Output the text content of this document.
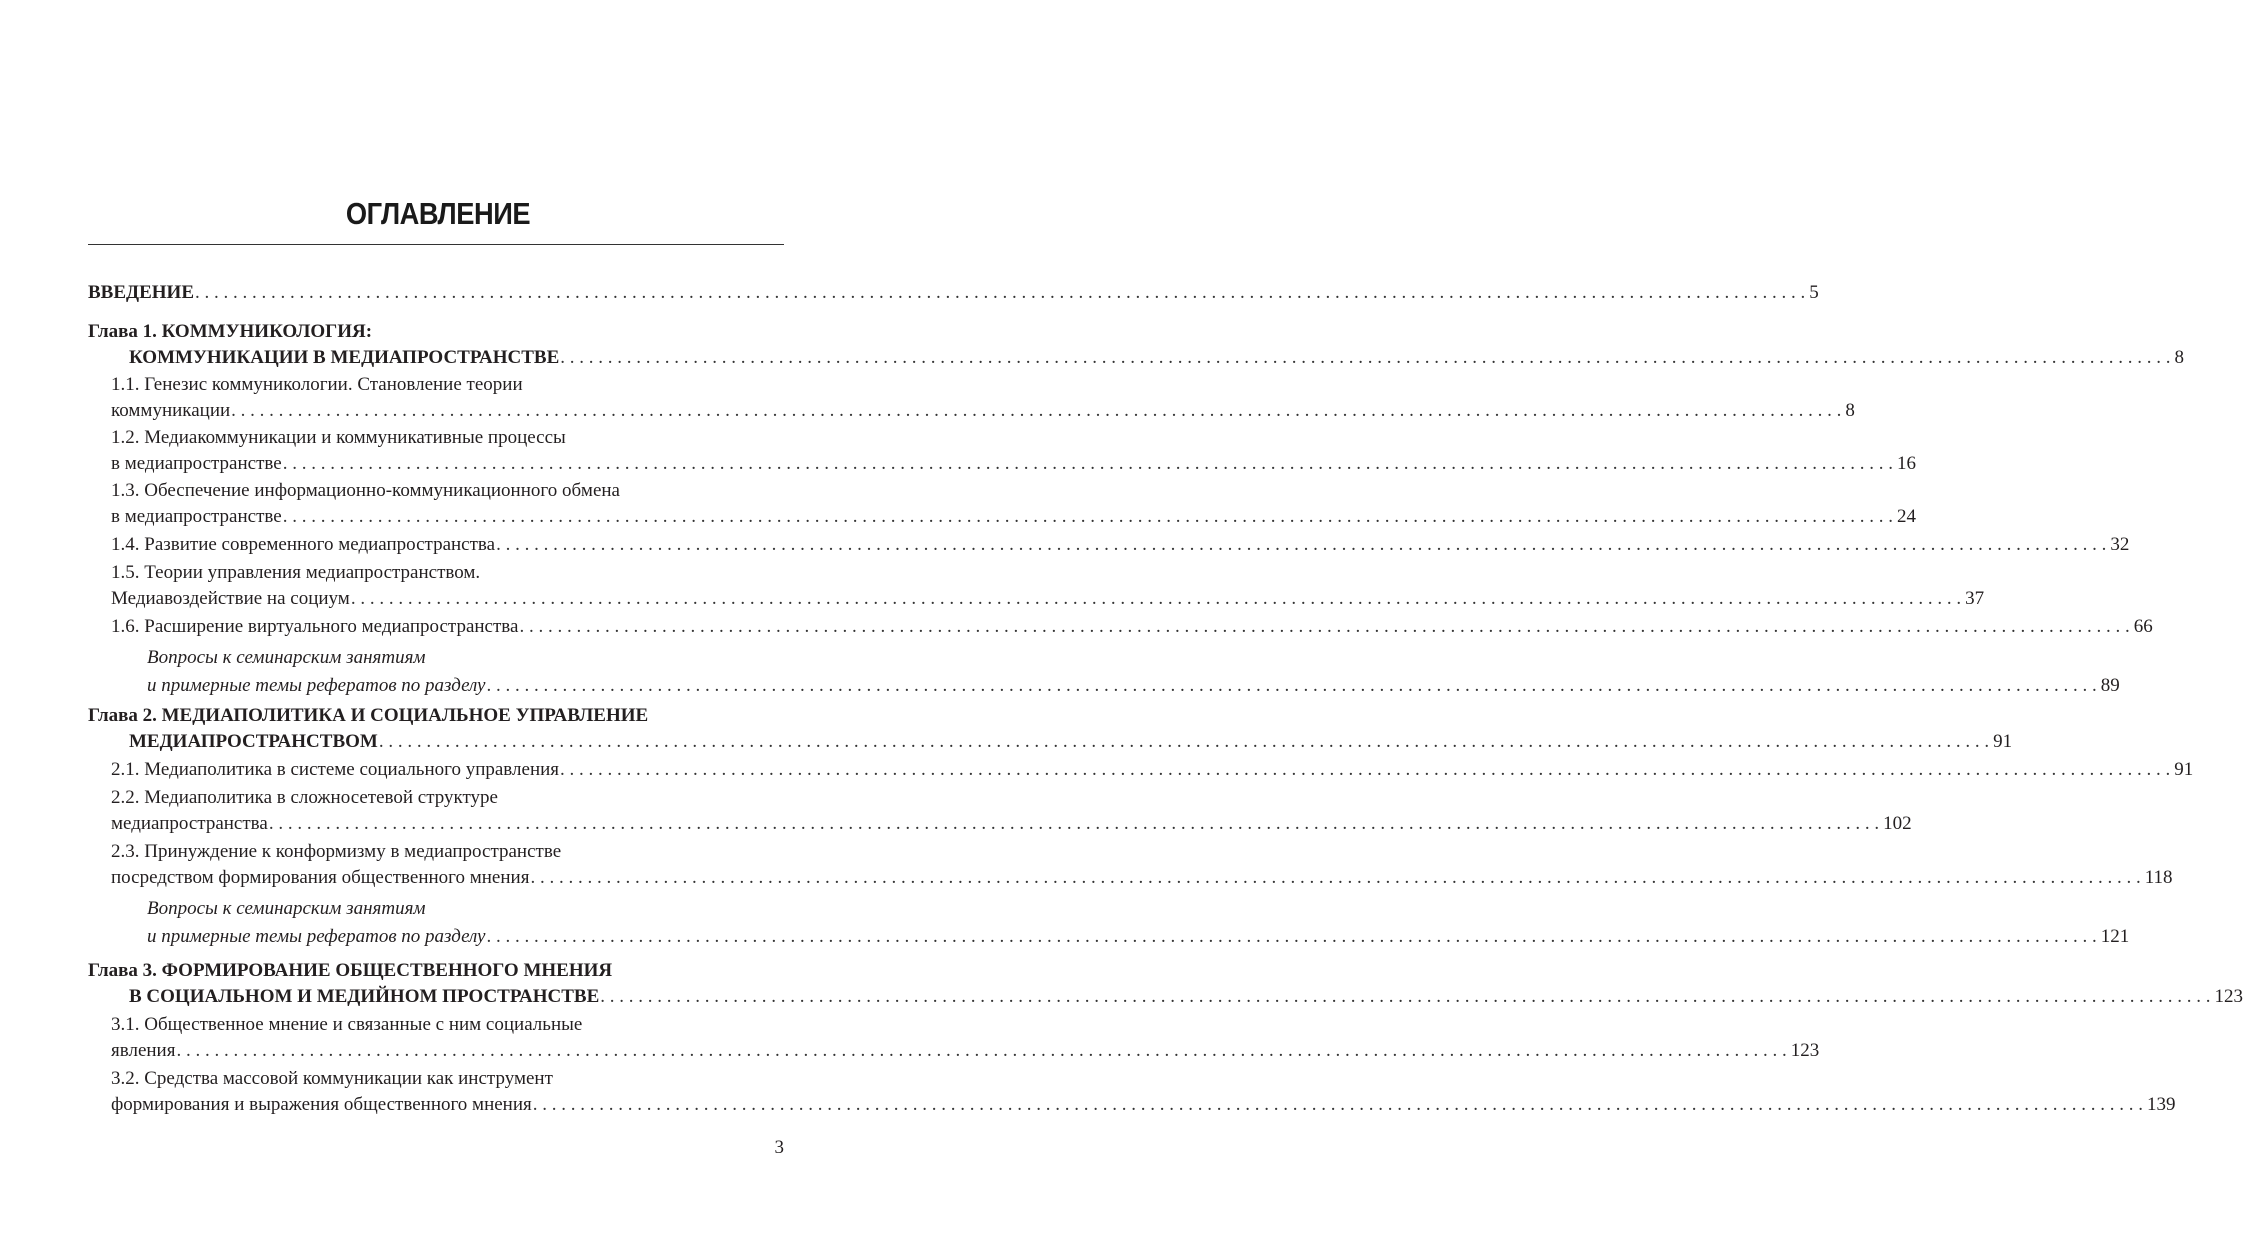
ОГЛАВЛЕНИЕ
ВВЕДЕНИЕ . . .	5
Глава 1. КОММУНИКОЛОГИЯ:
КОММУНИКАЦИИ В МЕДИАПРОСТРАНСТВЕ . . .	8
1.1. Генезис коммуникологии. Становление теории
коммуникации . . .	8
1.2. Медиакоммуникации и коммуникативные процессы
в медиапространстве . . .	16
1.3. Обеспечение информационно-коммуникационного обмена
в медиапространстве . . .	24
1.4. Развитие современного медиапространства . . .	32
1.5. Теории управления медиапространством.
Медиавоздействие на социум . . .	37
1.6. Расширение виртуального медиапространства . . .	66
Вопросы к семинарским занятиям
и примерные темы рефератов по разделу . . .	89
Глава 2. МЕДИАПОЛИТИКА И СОЦИАЛЬНОЕ УПРАВЛЕНИЕ
МЕДИАПРОСТРАНСТВОМ . . .	91
2.1. Медиаполитика в системе социального управления . . .	91
2.2. Медиаполитика в сложносетевой структуре
медиапространства . . .	102
2.3. Принуждение к конформизму в медиапространстве
посредством формирования общественного мнения . . .	118
Вопросы к семинарским занятиям
и примерные темы рефератов по разделу . . .	121
Глава 3. ФОРМИРОВАНИЕ ОБЩЕСТВЕННОГО МНЕНИЯ
В СОЦИАЛЬНОМ И МЕДИЙНОМ ПРОСТРАНСТВЕ . . .	123
3.1. Общественное мнение и связанные с ним социальные
явления . . .	123
3.2. Средства массовой коммуникации как инструмент
формирования и выражения общественного мнения . . .	139
3
